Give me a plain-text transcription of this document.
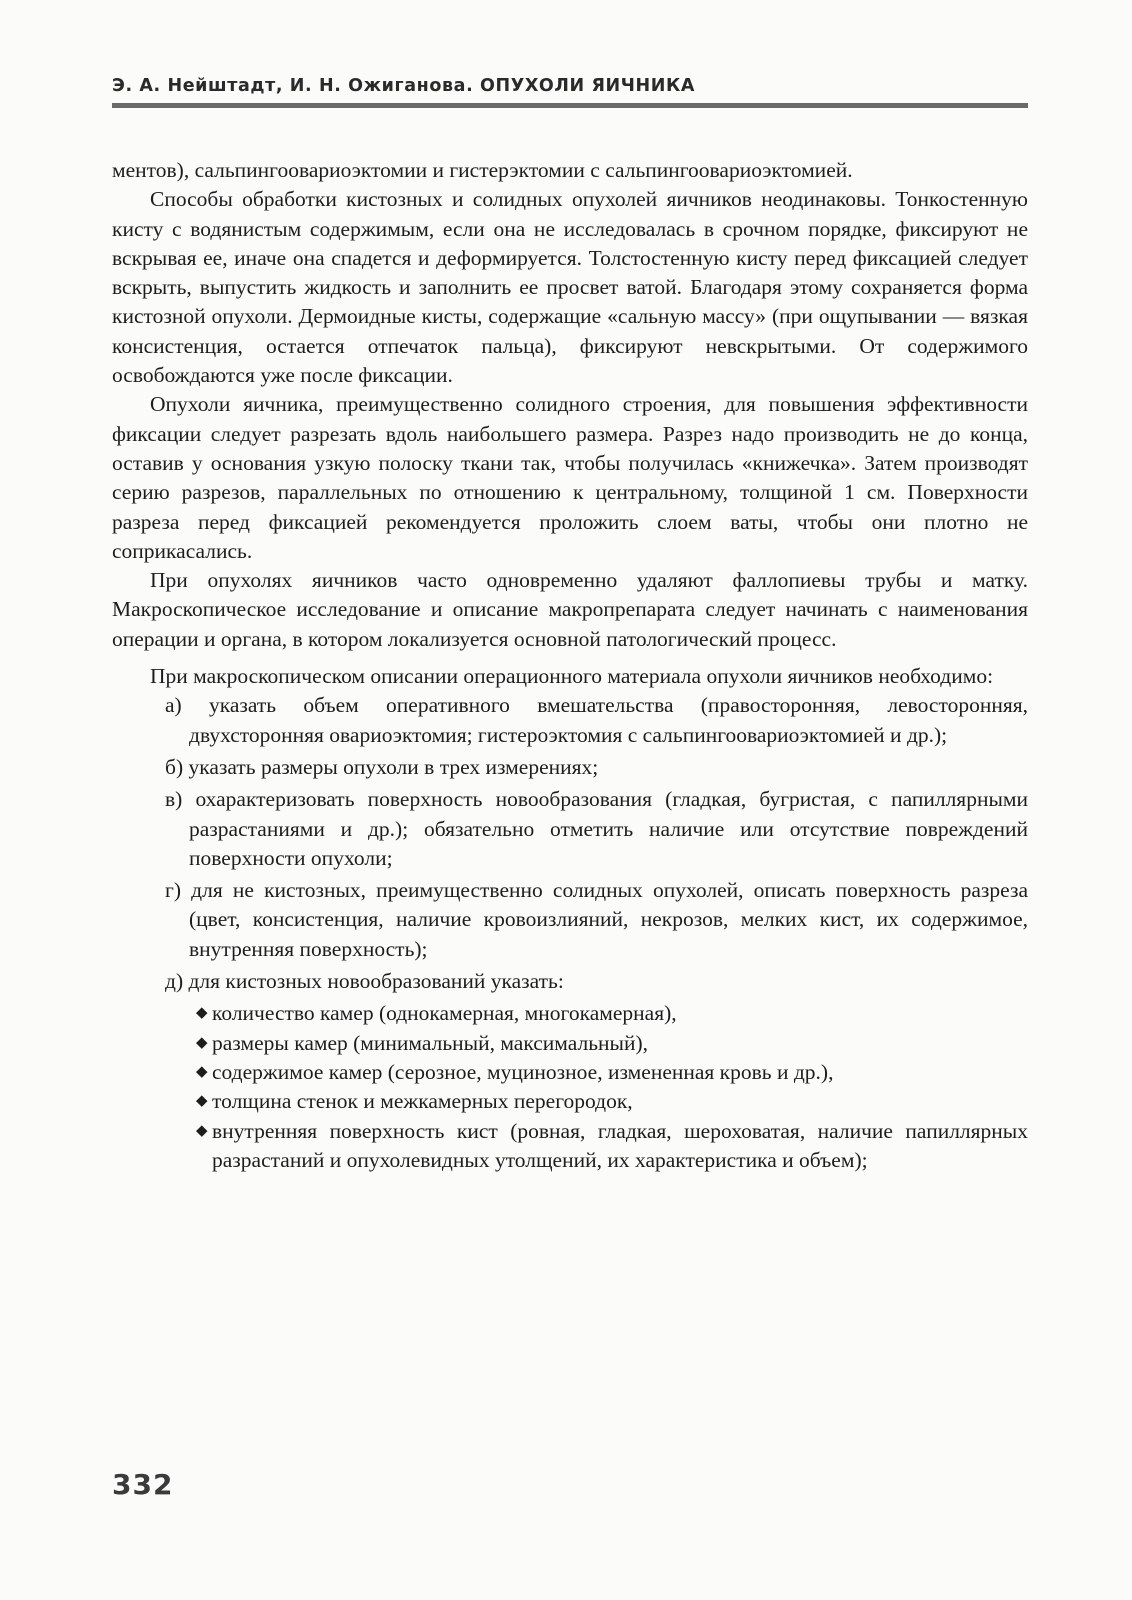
Э. А. Нейштадт, И. Н. Ожиганова. ОПУХОЛИ ЯИЧНИКА

ментов), сальпингоовариоэктомии и гистерэктомии с сальпингоовариоэктомией.

Способы обработки кистозных и солидных опухолей яичников неодинаковы. Тонкостенную кисту с водянистым содержимым, если она не исследовалась в срочном порядке, фиксируют не вскрывая ее, иначе она спадется и деформируется. Толстостенную кисту перед фиксацией следует вскрыть, выпустить жидкость и заполнить ее просвет ватой. Благодаря этому сохраняется форма кистозной опухоли. Дермоидные кисты, содержащие «сальную массу» (при ощупывании — вязкая консистенция, остается отпечаток пальца), фиксируют невскрытыми. От содержимого освобождаются уже после фиксации.

Опухоли яичника, преимущественно солидного строения, для повышения эффективности фиксации следует разрезать вдоль наибольшего размера. Разрез надо производить не до конца, оставив у основания узкую полоску ткани так, чтобы получилась «книжечка». Затем производят серию разрезов, параллельных по отношению к центральному, толщиной 1 см. Поверхности разреза перед фиксацией рекомендуется проложить слоем ваты, чтобы они плотно не соприкасались.

При опухолях яичников часто одновременно удаляют фаллопиевы трубы и матку. Макроскопическое исследование и описание макропрепарата следует начинать с наименования операции и органа, в котором локализуется основной патологический процесс.

При макроскопическом описании операционного материала опухоли яичников необходимо:

а) указать объем оперативного вмешательства (правосторонняя, левосторонняя, двухсторонняя овариоэктомия; гистероэктомия с сальпингоовариоэктомией и др.);
б) указать размеры опухоли в трех измерениях;
в) охарактеризовать поверхность новообразования (гладкая, бугристая, с папиллярными разрастаниями и др.); обязательно отметить наличие или отсутствие повреждений поверхности опухоли;
г) для не кистозных, преимущественно солидных опухолей, описать поверхность разреза (цвет, консистенция, наличие кровоизлияний, некрозов, мелких кист, их содержимое, внутренняя поверхность);
д) для кистозных новообразований указать:
◆ количество камер (однокамерная, многокамерная),
◆ размеры камер (минимальный, максимальный),
◆ содержимое камер (серозное, муцинозное, измененная кровь и др.),
◆ толщина стенок и межкамерных перегородок,
◆ внутренняя поверхность кист (ровная, гладкая, шероховатая, наличие папиллярных разрастаний и опухолевидных утолщений, их характеристика и объем);
332
